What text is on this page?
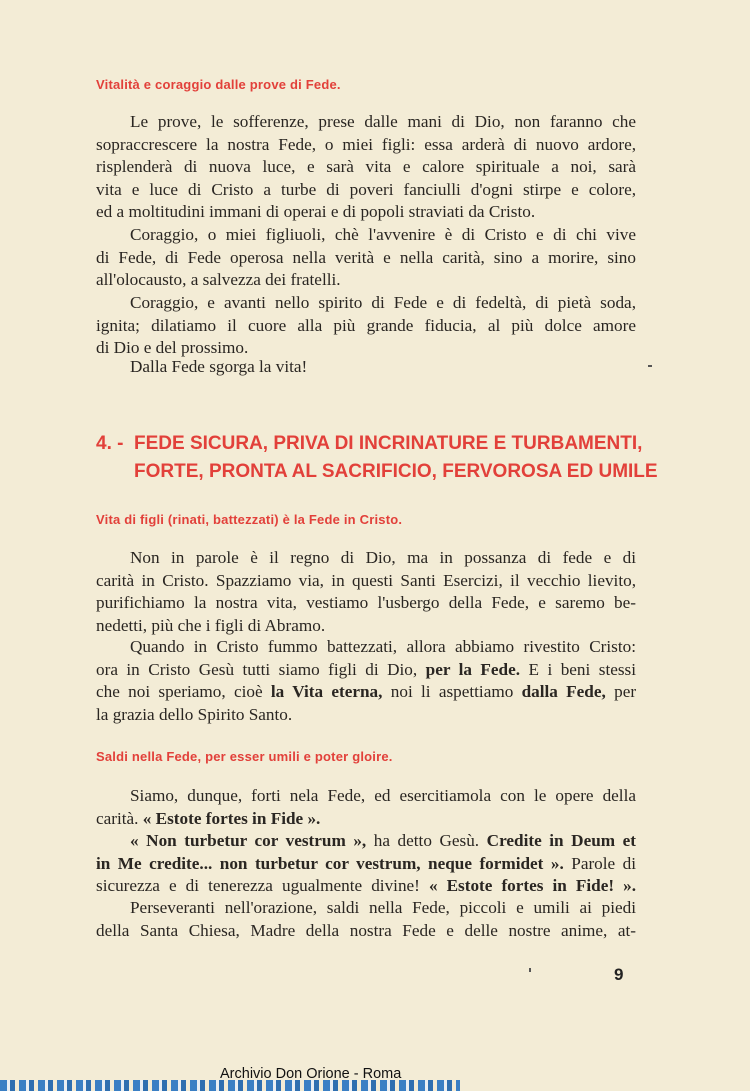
Vitalità e coraggio dalle prove di Fede.

Le prove, le sofferenze, prese dalle mani di Dio, non faranno che
sopraccrescere la nostra Fede, o miei figli: essa arderà di nuovo ardore,
risplenderà di nuova luce, e sarà vita e calore spirituale a noi, sarà
vita e luce di Cristo a turbe di poveri fanciulli d'ogni stirpe e colore,
ed a moltitudini immani di operai e di popoli straviati da Cristo.

Coraggio, o miei figliuoli, chè l'avvenire è di Cristo e di chi vive
di Fede, di Fede operosa nella verità e nella carità, sino a morire, sino
all'olocausto, a salvezza dei fratelli.

Coraggio, e avanti nello spirito di Fede e di fedeltà, di pietà soda,
ignita; dilatiamo il cuore alla più grande fiducia, al più dolce amore
di Dio e del prossimo.

Dalla Fede sgorga la vita!

4. - FEDE SICURA, PRIVA DI INCRINATURE E TURBAMENTI,
FORTE, PRONTA AL SACRIFICIO, FERVOROSA ED UMILE
Vita di figli (rinati, battezzati) è la Fede in Cristo.

Non in parole è il regno di Dio, ma in possanza di fede e di
carità in Cristo. Spazziamo via, in questi Santi Esercizi, il vecchio lievito,
purifichiamo la nostra vita, vestiamo l'usbergo della Fede, e saremo be-
nedetti, più che i figli di Abramo.

Quando in Cristo fummo battezzati, allora abbiamo rivestito Cristo:
ora in Cristo Gesù tutti siamo figli di Dio, per la Fede. E i beni stessi
che noi speriamo, cioè la Vita eterna, noi li aspettiamo dalla Fede, per
la grazia dello Spirito Santo.

Saldi nella Fede, per esser umili e poter gloire.

Siamo, dunque, forti nela Fede, ed esercitiamola con le opere della
carità. « Estote fortes in Fide ».

« Non turbetur cor vestrum », ha detto Gesù. Credite in Deum et
in Me credite... non turbetur cor vestrum, neque formidet ». Parole di
sicurezza e di tenerezza ugualmente divine! « Estote fortes in Fide! ».

Perseveranti nell'orazione, saldi nella Fede, piccoli e umili ai piedi
della Santa Chiesa, Madre della nostra Fede e delle nostre anime, at-

9
Archivio Don Orione - Roma
